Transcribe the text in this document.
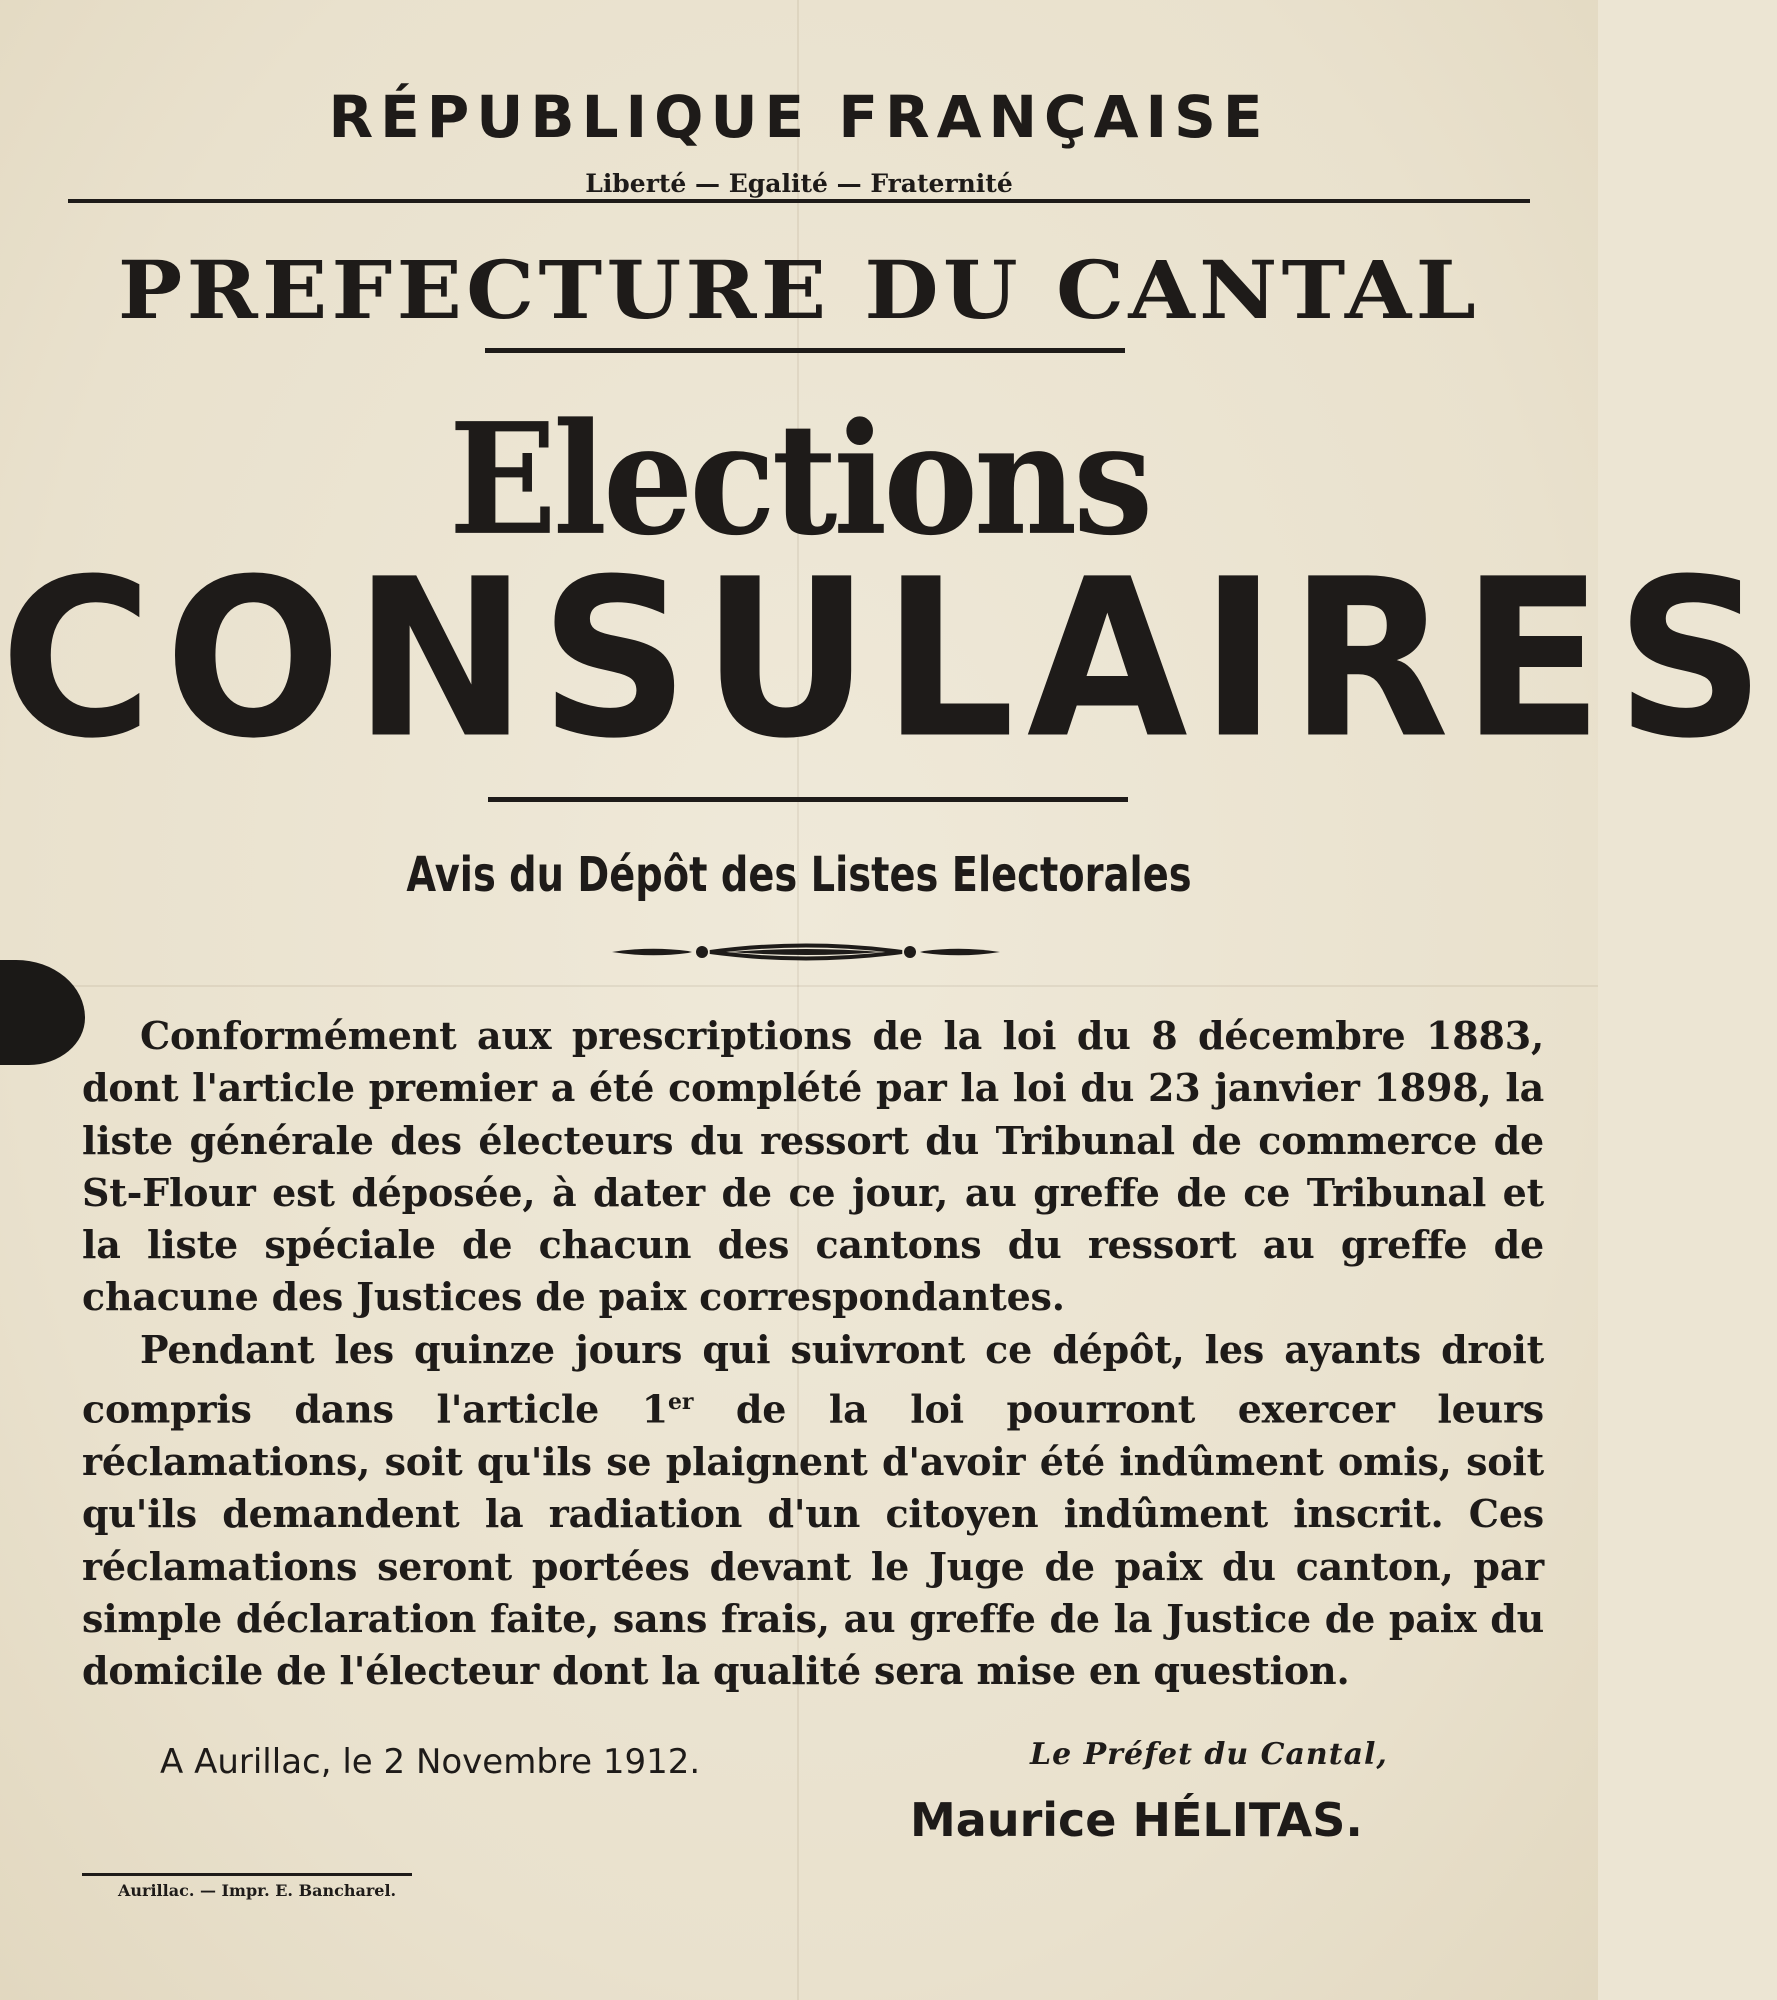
RÉPUBLIQUE FRANÇAISE
Liberté — Egalité — Fraternité
PREFECTURE DU CANTAL
Elections
CONSULAIRES
Avis du Dépôt des Listes Electorales

Conformément aux prescriptions de la loi du 8 décembre 1883, dont l'article premier a été complété par la loi du 23 janvier 1898, la liste générale des électeurs du ressort du Tribunal de commerce de St-Flour est déposée, à dater de ce jour, au greffe de ce Tribunal et la liste spéciale de chacun des cantons du ressort au greffe de chacune des Justices de paix correspondantes.

Pendant les quinze jours qui suivront ce dépôt, les ayants droit compris dans l'article 1er de la loi pourront exercer leurs réclamations, soit qu'ils se plaignent d'avoir été indûment omis, soit qu'ils demandent la radiation d'un citoyen indûment inscrit. Ces réclamations seront portées devant le Juge de paix du canton, par simple déclaration faite, sans frais, au greffe de la Justice de paix du domicile de l'électeur dont la qualité sera mise en question.

A Aurillac, le 2 Novembre 1912.	Le Préfet du Cantal,
Maurice HÉLITAS.
Aurillac. — Impr. E. Bancharel.
